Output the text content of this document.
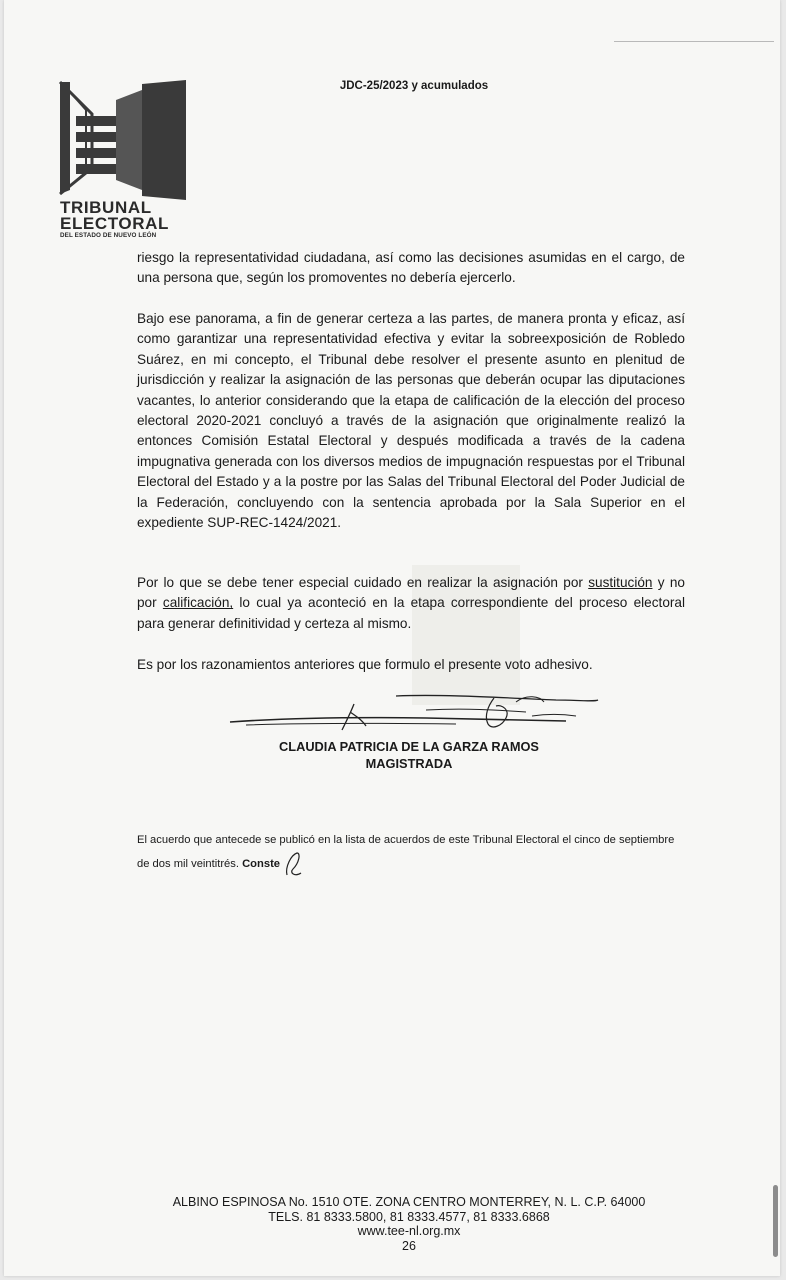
TRIBUNAL
ELECTORAL
DEL ESTADO DE NUEVO LEÓN
JDC-25/2023 y acumulados

riesgo la representatividad ciudadana, así como las decisiones asumidas en el cargo, de una persona que, según los promoventes no debería ejercerlo.

Bajo ese panorama, a fin de generar certeza a las partes, de manera pronta y eficaz, así como garantizar una representatividad efectiva y evitar la sobreexposición de Robledo Suárez, en mi concepto, el Tribunal debe resolver el presente asunto en plenitud de jurisdicción y realizar la asignación de las personas que deberán ocupar las diputaciones vacantes, lo anterior considerando que la etapa de calificación de la elección del proceso electoral 2020-2021 concluyó a través de la asignación que originalmente realizó la entonces Comisión Estatal Electoral y después modificada a través de la cadena impugnativa generada con los diversos medios de impugnación respuestas por el Tribunal Electoral del Estado y a la postre por las Salas del Tribunal Electoral del Poder Judicial de la Federación, concluyendo con la sentencia aprobada por la Sala Superior en el expediente SUP-REC-1424/2021.

Por lo que se debe tener especial cuidado en realizar la asignación por sustitución y no por calificación, lo cual ya aconteció en la etapa correspondiente del proceso electoral para generar definitividad y certeza al mismo.

Es por los razonamientos anteriores que formulo el presente voto adhesivo.

CLAUDIA PATRICIA DE LA GARZA RAMOS
MAGISTRADA
El acuerdo que antecede se publicó en la lista de acuerdos de este Tribunal Electoral el cinco de septiembre de dos mil veintitrés. Conste
ALBINO ESPINOSA No. 1510 OTE. ZONA CENTRO MONTERREY, N. L. C.P. 64000
TELS. 81 8333.5800, 81 8333.4577, 81 8333.6868
www.tee-nl.org.mx
26
